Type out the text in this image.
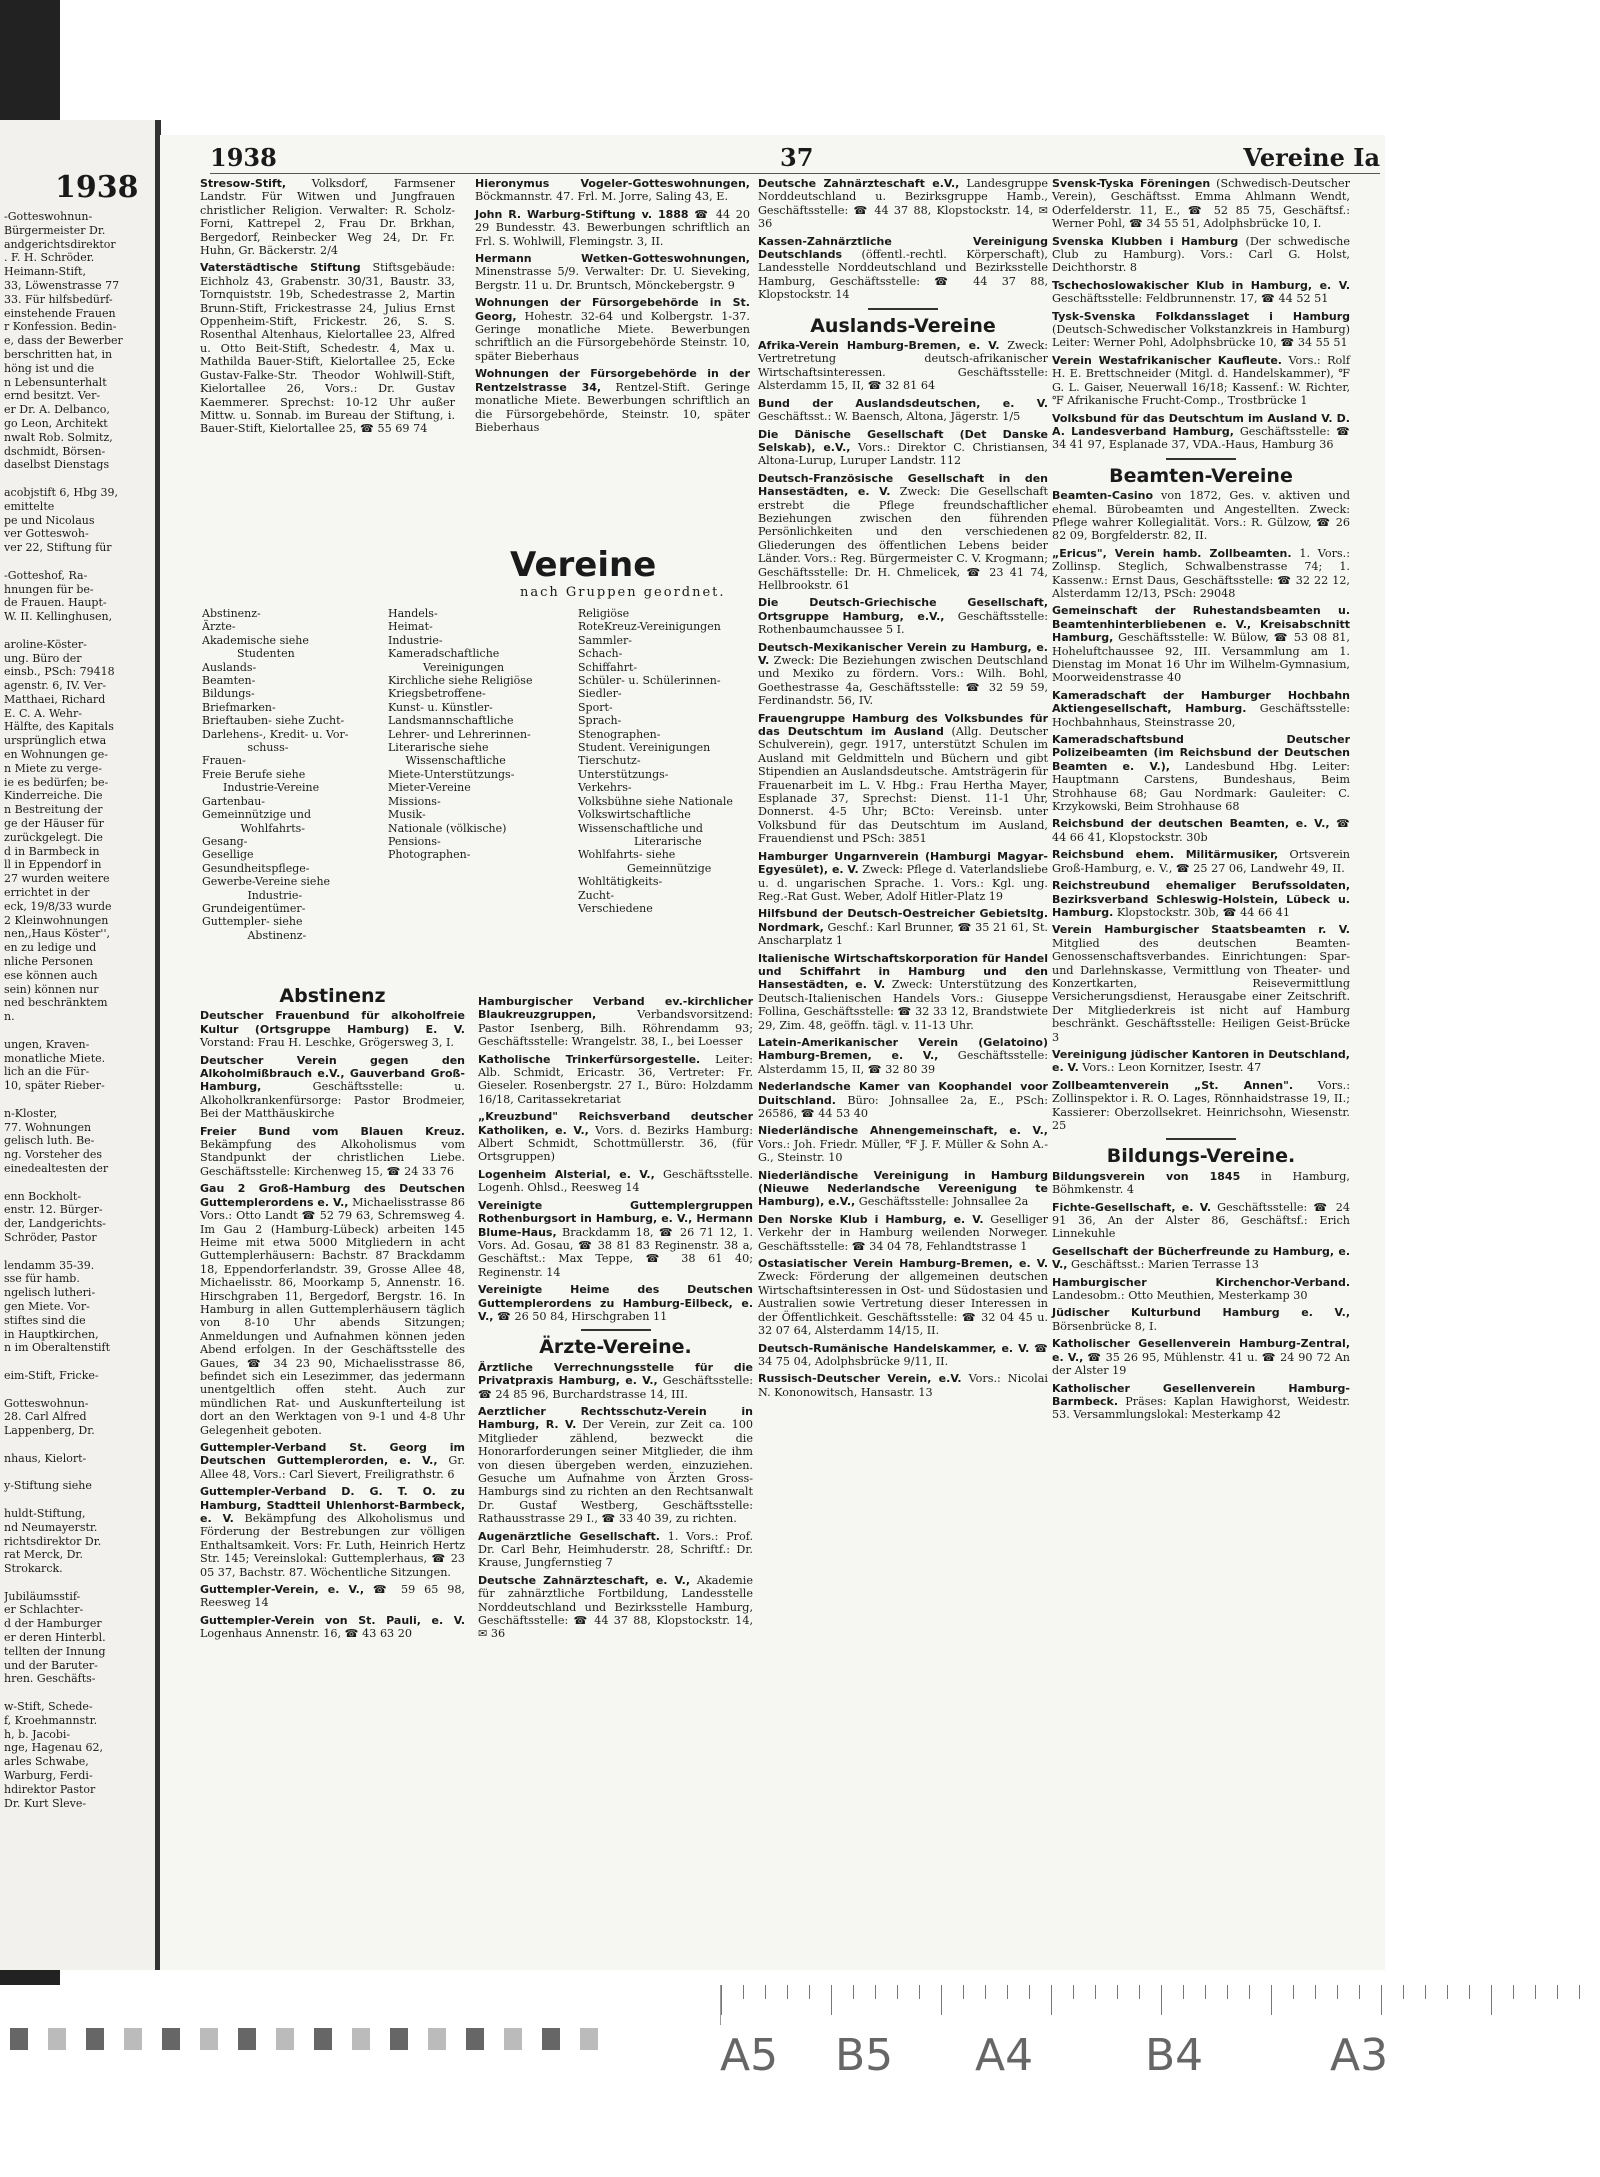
1938
-Gotteswohnun-
Bürgermeister Dr.
andgerichtsdirektor
. F. H. Schröder.
Heimann-Stift,
33, Löwenstrasse 77
33. Für hilfsbedürf-
einstehende Frauen
r Konfession. Bedin-
e, dass der Bewerber
berschritten hat, in
höng ist und die
n Lebensunterhalt
ernd besitzt. Ver-
er Dr. A. Delbanco,
go Leon, Architekt
nwalt Rob. Solmitz,
dschmidt, Börsen-
daselbst Dienstags
acobjstift 6, Hbg 39,
emittelte
pe und Nicolaus
ver Gotteswoh-
ver 22, Stiftung für
-Gotteshof, Ra-
hnungen für be-
de Frauen. Haupt-
W. II. Kellinghusen,
aroline-Köster-
ung. Büro der
einsb., PSch: 79418
agenstr. 6, IV. Ver-
Matthaei, Richard
E. C. A. Wehr-
Hälfte, des Kapitals
ursprünglich etwa
en Wohnungen ge-
n Miete zu verge-
ie es bedürfen; be-
Kinderreiche. Die
n Bestreitung der
ge der Häuser für
zurückgelegt. Die
d in Barmbeck in
ll in Eppendorf in
27 wurden weitere
errichtet in der
eck, 19/8/33 wurde
2 Kleinwohnungen
nen,,Haus Köster'',
en zu ledige und
nliche Personen
ese können auch
sein) können nur
ned beschränktem
n.
ungen, Kraven-
monatliche Miete.
lich an die Für-
10, später Rieber-
n-Kloster,
77. Wohnungen
gelisch luth. Be-
ng. Vorsteher des
einedealtesten der
enn Bockholt-
enstr. 12. Bürger-
der, Landgerichts-
Schröder, Pastor
lendamm 35-39.
sse für hamb.
ngelisch lutheri-
gen Miete. Vor-
stiftes sind die
in Hauptkirchen,
n im Oberaltenstift
eim-Stift, Fricke-
Gotteswohnun-
28. Carl Alfred
Lappenberg, Dr.
nhaus, Kielort-
y-Stiftung siehe
huldt-Stiftung,
nd Neumayerstr.
richtsdirektor Dr.
rat Merck, Dr.
Strokarck.
Jubiläumsstif-
er Schlachter-
d der Hamburger
er deren Hinterbl.
tellten der Innung
und der Baruter-
hren. Geschäfts-
w-Stift, Schede-
f, Kroehmannstr.
h, b. Jacobi-
nge, Hagenau 62,
arles Schwabe,
Warburg, Ferdi-
hdirektor Pastor
Dr. Kurt Sleve-
1938	37	Vereine Ia
Stresow-Stift, Volksdorf, Farmsener Landstr. Für Witwen und Jungfrauen christlicher Religion. Verwalter: R. Scholz-Forni, Kattrepel 2, Frau Dr. Brkhan, Bergedorf, Reinbecker Weg 24, Dr. Fr. Huhn, Gr. Bäckerstr. 2/4
Vaterstädtische Stiftung Stiftsgebäude: Eichholz 43, Grabenstr. 30/31, Baustr. 33, Tornquiststr. 19b, Schedestrasse 2, Martin Brunn-Stift, Frickestrasse 24, Julius Ernst Oppenheim-Stift, Frickestr. 26, S. S. Rosenthal Altenhaus, Kielortallee 23, Alfred u. Otto Beit-Stift, Schedestr. 4, Max u. Mathilda Bauer-Stift, Kielortallee 25, Ecke Gustav-Falke-Str. Theodor Wohlwill-Stift, Kielortallee 26, Vors.: Dr. Gustav Kaemmerer. Sprechst: 10-12 Uhr außer Mittw. u. Sonnab. im Bureau der Stiftung, i. Bauer-Stift, Kielortallee 25, ☎ 55 69 74
Hieronymus Vogeler-Gotteswohnungen, Böckmannstr. 47. Frl. M. Jorre, Saling 43, E.
John R. Warburg-Stiftung v. 1888 ☎ 44 20 29 Bundesstr. 43. Bewerbungen schriftlich an Frl. S. Wohlwill, Flemingstr. 3, II.
Hermann Wetken-Gotteswohnungen, Minenstrasse 5/9. Verwalter: Dr. U. Sieveking, Bergstr. 11 u. Dr. Bruntsch, Mönckebergstr. 9
Wohnungen der Fürsorgebehörde in St. Georg, Hohestr. 32-64 und Kolbergstr. 1-37. Geringe monatliche Miete. Bewerbungen schriftlich an die Fürsorgebehörde Steinstr. 10, später Bieberhaus
Wohnungen der Fürsorgebehörde in der Rentzelstrasse 34, Rentzel-Stift. Geringe monatliche Miete. Bewerbungen schriftlich an die Fürsorgebehörde, Steinstr. 10, später Bieberhaus
Vereine
nach Gruppen geordnet.
Abstinenz-
Ärzte-
Akademische siehe
Studenten
Auslands-
Beamten-
Bildungs-
Briefmarken-
Brieftauben- siehe Zucht-
Darlehens-, Kredit- u. Vor-
schuss-
Frauen-
Freie Berufe siehe
Industrie-Vereine
Gartenbau-
Gemeinnützige und
Wohlfahrts-
Gesang-
Gesellige
Gesundheitspflege-
Gewerbe-Vereine siehe
Industrie-
Grundeigentümer-
Guttempler- siehe
Abstinenz-
Handels-
Heimat-
Industrie-
Kameradschaftliche
Vereinigungen
Kirchliche siehe Religiöse
Kriegsbetroffene-
Kunst- u. Künstler-
Landsmannschaftliche
Lehrer- und Lehrerinnen-
Literarische siehe
Wissenschaftliche
Miete-Unterstützungs-
Mieter-Vereine
Missions-
Musik-
Nationale (völkische)
Pensions-
Photographen-
Religiöse
RoteKreuz-Vereinigungen
Sammler-
Schach-
Schiffahrt-
Schüler- u. Schülerinnen-
Siedler-
Sport-
Sprach-
Stenographen-
Student. Vereinigungen
Tierschutz-
Unterstützungs-
Verkehrs-
Volksbühne siehe Nationale
Volkswirtschaftliche
Wissenschaftliche und
Literarische
Wohlfahrts- siehe
Gemeinnützige
Wohltätigkeits-
Zucht-
Verschiedene
Abstinenz
Deutscher Frauenbund für alkoholfreie Kultur (Ortsgruppe Hamburg) E. V. Vorstand: Frau H. Leschke, Grögersweg 3, I.
Deutscher Verein gegen den Alkoholmißbrauch e.V., Gauverband Groß-Hamburg, Geschäftsstelle: u. Alkoholkrankenfürsorge: Pastor Brodmeier, Bei der Matthäuskirche
Freier Bund vom Blauen Kreuz. Bekämpfung des Alkoholismus vom Standpunkt der christlichen Liebe. Geschäftsstelle: Kirchenweg 15, ☎ 24 33 76
Gau 2 Groß-Hamburg des Deutschen Guttemplerordens e. V., Michaelisstrasse 86 Vors.: Otto Landt ☎ 52 79 63, Schremsweg 4. Im Gau 2 (Hamburg-Lübeck) arbeiten 145 Heime mit etwa 5000 Mitgliedern in acht Guttemplerhäusern: Bachstr. 87 Brackdamm 18, Eppendorferlandstr. 39, Grosse Allee 48, Michaelisstr. 86, Moorkamp 5, Annenstr. 16. Hirschgraben 11, Bergedorf, Bergstr. 16. In Hamburg in allen Guttemplerhäusern täglich von 8-10 Uhr abends Sitzungen; Anmeldungen und Aufnahmen können jeden Abend erfolgen. In der Geschäftsstelle des Gaues, ☎ 34 23 90, Michaelisstrasse 86, befindet sich ein Lesezimmer, das jedermann unentgeltlich offen steht. Auch zur mündlichen Rat- und Auskunfterteilung ist dort an den Werktagen von 9-1 und 4-8 Uhr Gelegenheit geboten.
Guttempler-Verband St. Georg im Deutschen Guttemplerorden, e. V., Gr. Allee 48, Vors.: Carl Sievert, Freiligrathstr. 6
Guttempler-Verband D. G. T. O. zu Hamburg, Stadtteil Uhlenhorst-Barmbeck, e. V. Bekämpfung des Alkoholismus und Förderung der Bestrebungen zur völligen Enthaltsamkeit. Vors: Fr. Luth, Heinrich Hertz Str. 145; Vereinslokal: Guttemplerhaus, ☎ 23 05 37, Bachstr. 87. Wöchentliche Sitzungen.
Guttempler-Verein, e. V., ☎ 59 65 98, Reesweg 14
Guttempler-Verein von St. Pauli, e. V. Logenhaus Annenstr. 16, ☎ 43 63 20
Hamburgischer Verband ev.-kirchlicher Blaukreuzgruppen, Verbandsvorsitzend: Pastor Isenberg, Bilh. Röhrendamm 93; Geschäftsstelle: Wrangelstr. 38, I., bei Loesser
Katholische Trinkerfürsorgestelle. Leiter: Alb. Schmidt, Ericastr. 36, Vertreter: Fr. Gieseler. Rosenbergstr. 27 I., Büro: Holzdamm 16/18, Caritassekretariat
„Kreuzbund" Reichsverband deutscher Katholiken, e. V., Vors. d. Bezirks Hamburg: Albert Schmidt, Schottmüllerstr. 36, (für Ortsgruppen)
Logenheim Alsterial, e. V., Geschäftsstelle. Logenh. Ohlsd., Reesweg 14
Vereinigte Guttemplergruppen Rothenburgsort in Hamburg, e. V., Hermann Blume-Haus, Brackdamm 18, ☎ 26 71 12, 1. Vors. Ad. Gosau, ☎ 38 81 83 Reginenstr. 38 a, Geschäftst.: Max Teppe, ☎ 38 61 40; Reginenstr. 14
Vereinigte Heime des Deutschen Guttemplerordens zu Hamburg-Eilbeck, e. V., ☎ 26 50 84, Hirschgraben 11
Ärzte-Vereine.
Ärztliche Verrechnungsstelle für die Privatpraxis Hamburg, e. V., Geschäftsstelle: ☎ 24 85 96, Burchardstrasse 14, III.
Aerztlicher Rechtsschutz-Verein in Hamburg, R. V. Der Verein, zur Zeit ca. 100 Mitglieder zählend, bezweckt die Honorarforderungen seiner Mitglieder, die ihm von diesen übergeben werden, einzuziehen. Gesuche um Aufnahme von Ärzten Gross-Hamburgs sind zu richten an den Rechtsanwalt Dr. Gustaf Westberg, Geschäftsstelle: Rathausstrasse 29 I., ☎ 33 40 39, zu richten.
Augenärztliche Gesellschaft. 1. Vors.: Prof. Dr. Carl Behr, Heimhuderstr. 28, Schriftf.: Dr. Krause, Jungfernstieg 7
Deutsche Zahnärzteschaft, e. V., Akademie für zahnärztliche Fortbildung, Landesstelle Norddeutschland und Bezirksstelle Hamburg, Geschäftsstelle: ☎ 44 37 88, Klopstockstr. 14, ✉ 36
Deutsche Zahnärzteschaft e.V., Landesgruppe Norddeutschland u. Bezirksgruppe Hamb., Geschäftsstelle: ☎ 44 37 88, Klopstockstr. 14, ✉ 36
Kassen-Zahnärztliche Vereinigung Deutschlands (öffentl.-rechtl. Körperschaft), Landesstelle Norddeutschland und Bezirksstelle Hamburg, Geschäftsstelle: ☎ 44 37 88, Klopstockstr. 14
Auslands-Vereine
Afrika-Verein Hamburg-Bremen, e. V. Zweck: Vertretretung deutsch-afrikanischer Wirtschaftsinteressen. Geschäftsstelle: Alsterdamm 15, II, ☎ 32 81 64
Bund der Auslandsdeutschen, e. V. Geschäftsst.: W. Baensch, Altona, Jägerstr. 1/5
Die Dänische Gesellschaft (Det Danske Selskab), e.V., Vors.: Direktor C. Christiansen, Altona-Lurup, Luruper Landstr. 112
Deutsch-Französische Gesellschaft in den Hansestädten, e. V. Zweck: Die Gesellschaft erstrebt die Pflege freundschaftlicher Beziehungen zwischen den führenden Persönlichkeiten und den verschiedenen Gliederungen des öffentlichen Lebens beider Länder. Vors.: Reg. Bürgermeister C. V. Krogmann; Geschäftsstelle: Dr. H. Chmelicek, ☎ 23 41 74, Hellbrookstr. 61
Die Deutsch-Griechische Gesellschaft, Ortsgruppe Hamburg, e.V., Geschäftsstelle: Rothenbaumchaussee 5 I.
Deutsch-Mexikanischer Verein zu Hamburg, e. V. Zweck: Die Beziehungen zwischen Deutschland und Mexiko zu fördern. Vors.: Wilh. Bohl, Goethestrasse 4a, Geschäftsstelle: ☎ 32 59 59, Ferdinandstr. 56, IV.
Frauengruppe Hamburg des Volksbundes für das Deutschtum im Ausland (Allg. Deutscher Schulverein), gegr. 1917, unterstützt Schulen im Ausland mit Geldmitteln und Büchern und gibt Stipendien an Auslandsdeutsche. Amtsträgerin für Frauenarbeit im L. V. Hbg.: Frau Hertha Mayer, Esplanade 37, Sprechst: Dienst. 11-1 Uhr, Donnerst. 4-5 Uhr; BCto: Vereinsb. unter Volksbund für das Deutschtum im Ausland, Frauendienst und PSch: 3851
Hamburger Ungarnverein (Hamburgi Magyar-Egyesület), e. V. Zweck: Pflege d. Vaterlandsliebe u. d. ungarischen Sprache. 1. Vors.: Kgl. ung. Reg.-Rat Gust. Weber, Adolf Hitler-Platz 19
Hilfsbund der Deutsch-Oestreicher Gebietsltg. Nordmark, Geschf.: Karl Brunner, ☎ 35 21 61, St. Anscharplatz 1
Italienische Wirtschaftskorporation für Handel und Schiffahrt in Hamburg und den Hansestädten, e. V. Zweck: Unterstützung des Deutsch-Italienischen Handels Vors.: Giuseppe Follina, Geschäftsstelle: ☎ 32 33 12, Brandstwiete 29, Zim. 48, geöffn. tägl. v. 11-13 Uhr.
Latein-Amerikanischer Verein (Gelatoino) Hamburg-Bremen, e. V., Geschäftsstelle: Alsterdamm 15, II, ☎ 32 80 39
Nederlandsche Kamer van Koophandel voor Duitschland. Büro: Johnsallee 2a, E., PSch: 26586, ☎ 44 53 40
Niederländische Ahnengemeinschaft, e. V., Vors.: Joh. Friedr. Müller, ℉ J. F. Müller & Sohn A.-G., Steinstr. 10
Niederländische Vereinigung in Hamburg (Nieuwe Nederlandsche Vereenigung te Hamburg), e.V., Geschäftsstelle: Johnsallee 2a
Den Norske Klub i Hamburg, e. V. Geselliger Verkehr der in Hamburg weilenden Norweger. Geschäftsstelle: ☎ 34 04 78, Fehlandtstrasse 1
Ostasiatischer Verein Hamburg-Bremen, e. V. Zweck: Förderung der allgemeinen deutschen Wirtschaftsinteressen in Ost- und Südostasien und Australien sowie Vertretung dieser Interessen in der Öffentlichkeit. Geschäftsstelle: ☎ 32 04 45 u. 32 07 64, Alsterdamm 14/15, II.
Deutsch-Rumänische Handelskammer, e. V. ☎ 34 75 04, Adolphsbrücke 9/11, II.
Russisch-Deutscher Verein, e.V. Vors.: Nicolai N. Kononowitsch, Hansastr. 13
Svensk-Tyska Föreningen (Schwedisch-Deutscher Verein), Geschäftsst. Emma Ahlmann Wendt, Oderfelderstr. 11, E., ☎ 52 85 75, Geschäftsf.: Werner Pohl, ☎ 34 55 51, Adolphsbrücke 10, I.
Svenska Klubben i Hamburg (Der schwedische Club zu Hamburg). Vors.: Carl G. Holst, Deichthorstr. 8
Tschechoslowakischer Klub in Hamburg, e. V. Geschäftsstelle: Feldbrunnenstr. 17, ☎ 44 52 51
Tysk-Svenska Folkdansslaget i Hamburg (Deutsch-Schwedischer Volkstanzkreis in Hamburg) Leiter: Werner Pohl, Adolphsbrücke 10, ☎ 34 55 51
Verein Westafrikanischer Kaufleute. Vors.: Rolf H. E. Brettschneider (Mitgl. d. Handelskammer), ℉ G. L. Gaiser, Neuerwall 16/18; Kassenf.: W. Richter, ℉ Afrikanische Frucht-Comp., Trostbrücke 1
Volksbund für das Deutschtum im Ausland V. D. A. Landesverband Hamburg, Geschäftsstelle: ☎ 34 41 97, Esplanade 37, VDA.-Haus, Hamburg 36
Beamten-Vereine
Beamten-Casino von 1872, Ges. v. aktiven und ehemal. Bürobeamten und Angestellten. Zweck: Pflege wahrer Kollegialität. Vors.: R. Gülzow, ☎ 26 82 09, Borgfelderstr. 82, II.
„Ericus", Verein hamb. Zollbeamten. 1. Vors.: Zollinsp. Steglich, Schwalbenstrasse 74; 1. Kassenw.: Ernst Daus, Geschäftsstelle: ☎ 32 22 12, Alsterdamm 12/13, PSch: 29048
Gemeinschaft der Ruhestandsbeamten u. Beamtenhinterbliebenen e. V., Kreisabschnitt Hamburg, Geschäftsstelle: W. Bülow, ☎ 53 08 81, Hoheluftchaussee 92, III. Versammlung am 1. Dienstag im Monat 16 Uhr im Wilhelm-Gymnasium, Moorweidenstrasse 40
Kameradschaft der Hamburger Hochbahn Aktiengesellschaft, Hamburg. Geschäftsstelle: Hochbahnhaus, Steinstrasse 20,
Kameradschaftsbund Deutscher Polizeibeamten (im Reichsbund der Deutschen Beamten e. V.), Landesbund Hbg. Leiter: Hauptmann Carstens, Bundeshaus, Beim Strohhause 68; Gau Nordmark: Gauleiter: C. Krzykowski, Beim Strohhause 68
Reichsbund der deutschen Beamten, e. V., ☎ 44 66 41, Klopstockstr. 30b
Reichsbund ehem. Militärmusiker, Ortsverein Groß-Hamburg, e. V., ☎ 25 27 06, Landwehr 49, II.
Reichstreubund ehemaliger Berufssoldaten, Bezirksverband Schleswig-Holstein, Lübeck u. Hamburg. Klopstockstr. 30b, ☎ 44 66 41
Verein Hamburgischer Staatsbeamten r. V. Mitglied des deutschen Beamten-Genossenschaftsverbandes. Einrichtungen: Spar- und Darlehnskasse, Vermittlung von Theater- und Konzertkarten, Reisevermittlung Versicherungsdienst, Herausgabe einer Zeitschrift. Der Mitgliederkreis ist nicht auf Hamburg beschränkt. Geschäftsstelle: Heiligen Geist-Brücke 3
Vereinigung jüdischer Kantoren in Deutschland, e. V. Vors.: Leon Kornitzer, Isestr. 47
Zollbeamtenverein „St. Annen". Vors.: Zollinspektor i. R. O. Lages, Rönnhaidstrasse 19, II.; Kassierer: Oberzollsekret. Heinrichsohn, Wiesenstr. 25
Bildungs-Vereine.
Bildungsverein von 1845 in Hamburg, Böhmkenstr. 4
Fichte-Gesellschaft, e. V. Geschäftsstelle: ☎ 24 91 36, An der Alster 86, Geschäftsf.: Erich Linnekuhle
Gesellschaft der Bücherfreunde zu Hamburg, e. V., Geschäftsst.: Marien Terrasse 13
Hamburgischer Kirchenchor-Verband. Landesobm.: Otto Meuthien, Mesterkamp 30
Jüdischer Kulturbund Hamburg e. V., Börsenbrücke 8, I.
Katholischer Gesellenverein Hamburg-Zentral, e. V., ☎ 35 26 95, Mühlenstr. 41 u. ☎ 24 90 72 An der Alster 19
Katholischer Gesellenverein Hamburg-Barmbeck. Präses: Kaplan Hawighorst, Weidestr. 53. Versammlungslokal: Mesterkamp 42
A5 B5 A4	B4	A3
